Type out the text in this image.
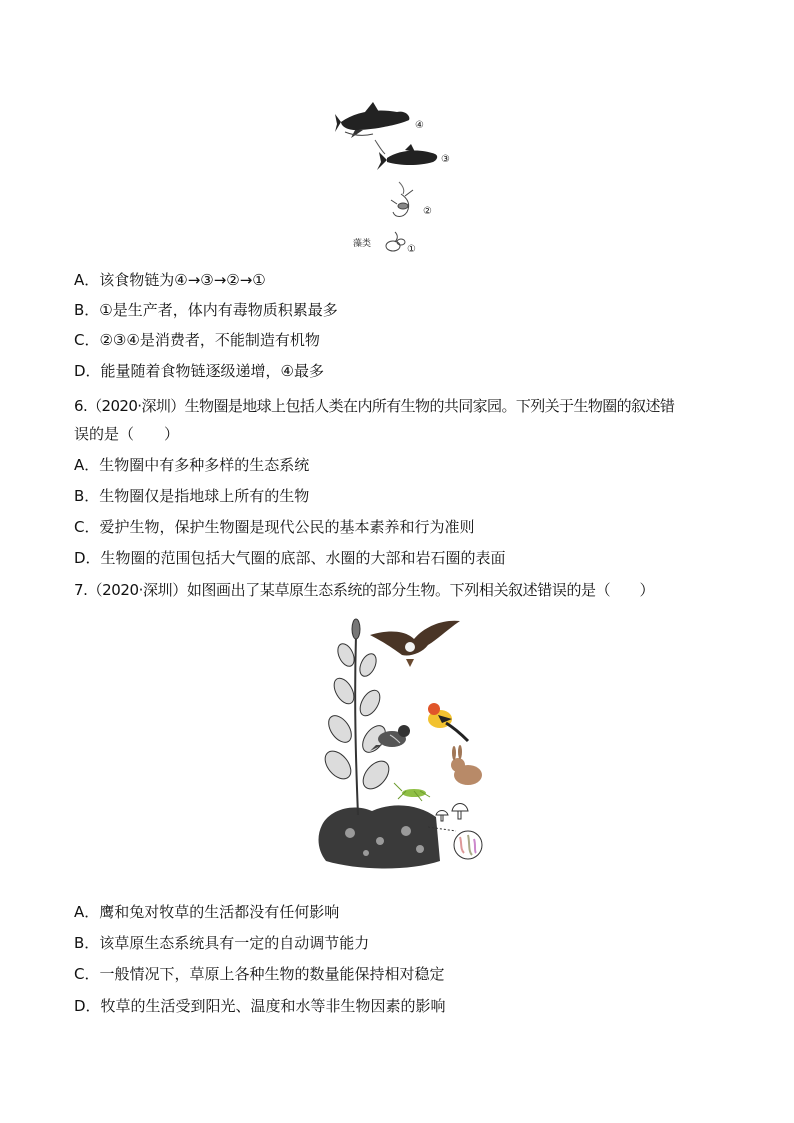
④
③
②
藻类	①
A．该食物链为④→③→②→①
B．①是生产者，体内有毒物质积累最多
C．②③④是消费者，不能制造有机物
D．能量随着食物链逐级递增，④最多
6.（2020·深圳）生物圈是地球上包括人类在内所有生物的共同家园。下列关于生物圈的叙述错
误的是（　　）
A．生物圈中有多种多样的生态系统
B．生物圈仅是指地球上所有的生物
C．爱护生物，保护生物圈是现代公民的基本素养和行为准则
D．生物圈的范围包括大气圈的底部、水圈的大部和岩石圈的表面
7.（2020·深圳）如图画出了某草原生态系统的部分生物。下列相关叙述错误的是（　　）
A．鹰和兔对牧草的生活都没有任何影响
B．该草原生态系统具有一定的自动调节能力
C．一般情况下，草原上各种生物的数量能保持相对稳定
D．牧草的生活受到阳光、温度和水等非生物因素的影响
